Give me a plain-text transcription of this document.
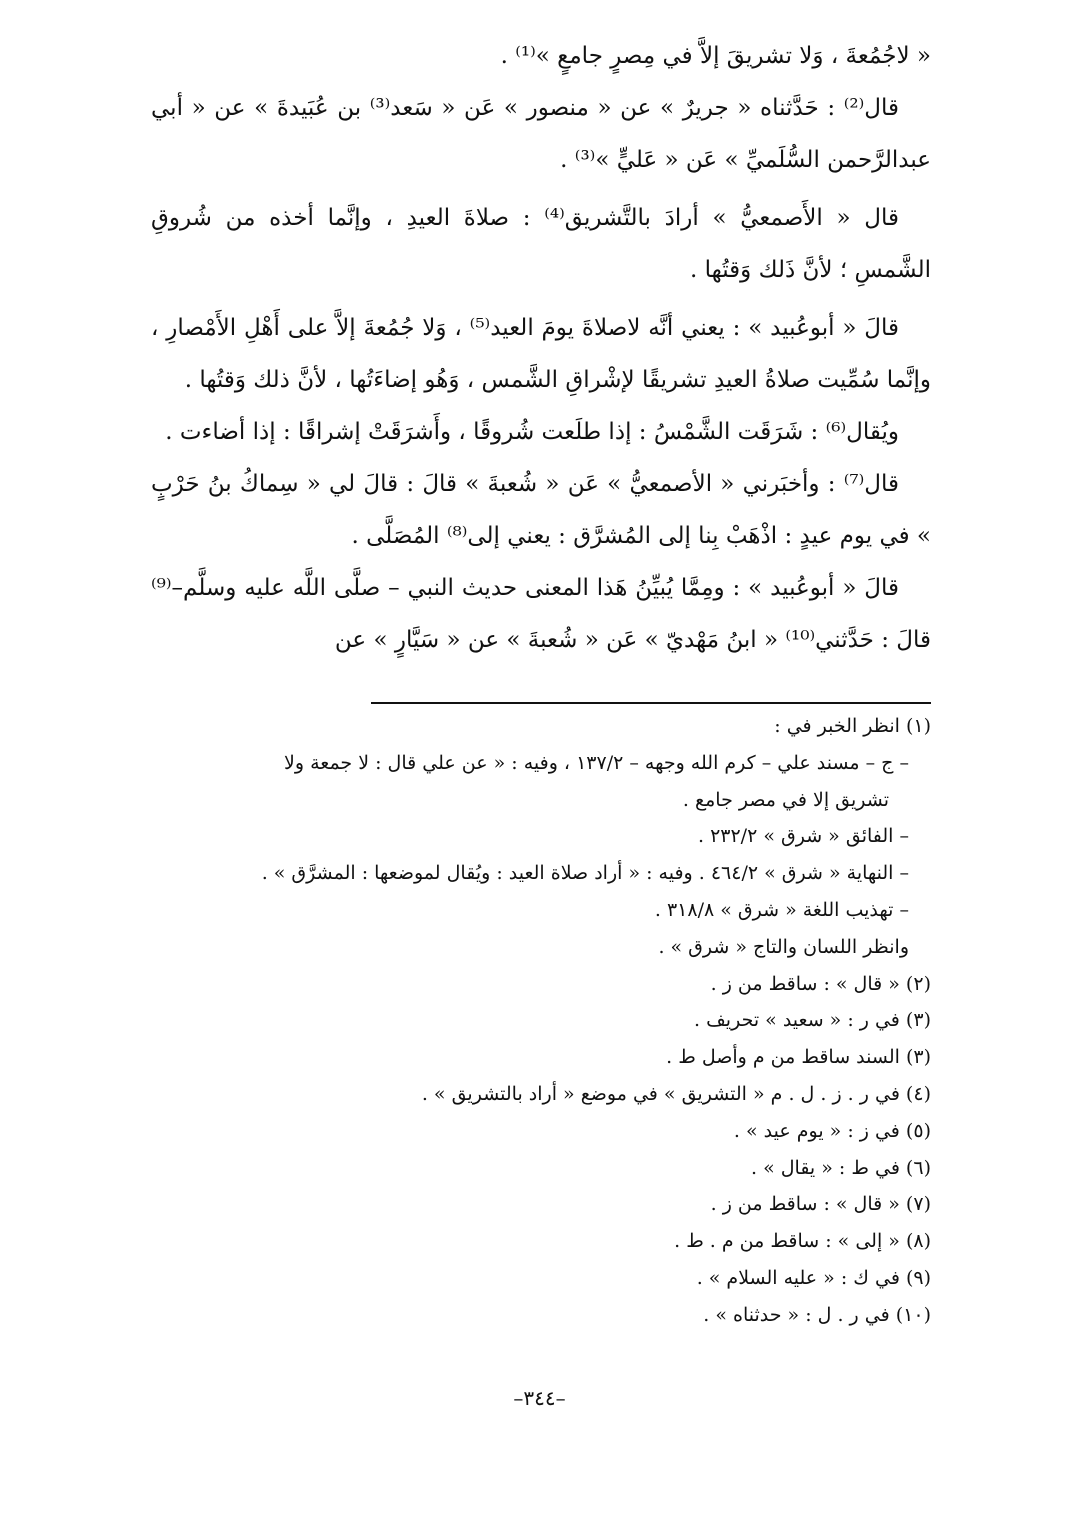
« لاجُمُعةَ ، وَلا تشريقَ إلاَّ في مِصرٍ جامعٍ »⁽¹⁾ .

قال⁽²⁾ : حَدَّثناه « جريرٌ » عن « منصور » عَن « سَعد⁽³⁾ بن عُبَيدةَ » عن « أبي عبدالرَّحمن السُّلَميِّ » عَن « عَليٍّ »⁽³⁾ .

قال « الأَصمعيُّ » أرادَ بالتَّشريق⁽⁴⁾ : صلاةَ العيدِ ، وإنَّما أخذه من شُروقِ الشَّمسِ ؛ لأنَّ ذَلك وَقتُها .

قالَ « أبوعُبيد » : يعني أنَّه لاصلاةَ يومَ العيد⁽⁵⁾ ، وَلا جُمُعةَ إلاَّ على أَهْلِ الأَمْصارِ ، وإنَّما سُمِّيت صلاةُ العيدِ تشريقًا لإشْراقِ الشَّمس ، وَهُو إضاءَتُها ، لأنَّ ذلك وَقتُها .

ويُقال⁽⁶⁾ : شَرَقَت الشَّمْسُ : إذا طلَعت شُروقًا ، وأَشرَقَتْ إشراقًا : إذا أضاءت .

قال⁽⁷⁾ : وأخبَرني « الأصمعيُّ » عَن « شُعبةَ » قالَ : قالَ لي « سِماكُ بنُ حَرْبٍ » في يوم عيدٍ : اذْهَبْ بِنا إلى المُشرَّق : يعني إلى⁽⁸⁾ المُصَلَّى .

قالَ « أبوعُبيد » : ومِمَّا يُبيِّنُ هَذا المعنى حديث النبي – صلَّى اللَّه عليه وسلَّم–⁽⁹⁾ قالَ : حَدَّثني⁽¹⁰⁾ « ابنُ مَهْديّ » عَن « شُعبةَ » عن « سَيَّارٍ » عن

(١) انظر الخبر في :
– ج – مسند علي – كرم الله وجهه – ١٣٧/٢ ، وفيه : « عن علي قال : لا جمعة ولا
تشريق إلا في مصر جامع .
– الفائق « شرق » ٢٣٢/٢ .
– النهاية « شرق » ٤٦٤/٢ . وفيه : « أراد صلاة العيد : ويُقال لموضعها : المشرَّق » .
– تهذيب اللغة « شرق » ٣١٨/٨ .
وانظر اللسان والتاج « شرق » .
(٢) « قال » : ساقط من ز .
(٣) في ر : « سعيد » تحريف .
(٣) السند ساقط من م وأصل ط .
(٤) في ر . ز . ل . م « التشريق » في موضع « أراد بالتشريق » .
(٥) في ز : « يوم عيد » .
(٦) في ط : « يقال » .
(٧) « قال » : ساقط من ز .
(٨) « إلى » : ساقط من م . ط .
(٩) في ك : « عليه السلام » .
(١٠) في ر . ل : « حدثناه » .
–٣٤٤–
